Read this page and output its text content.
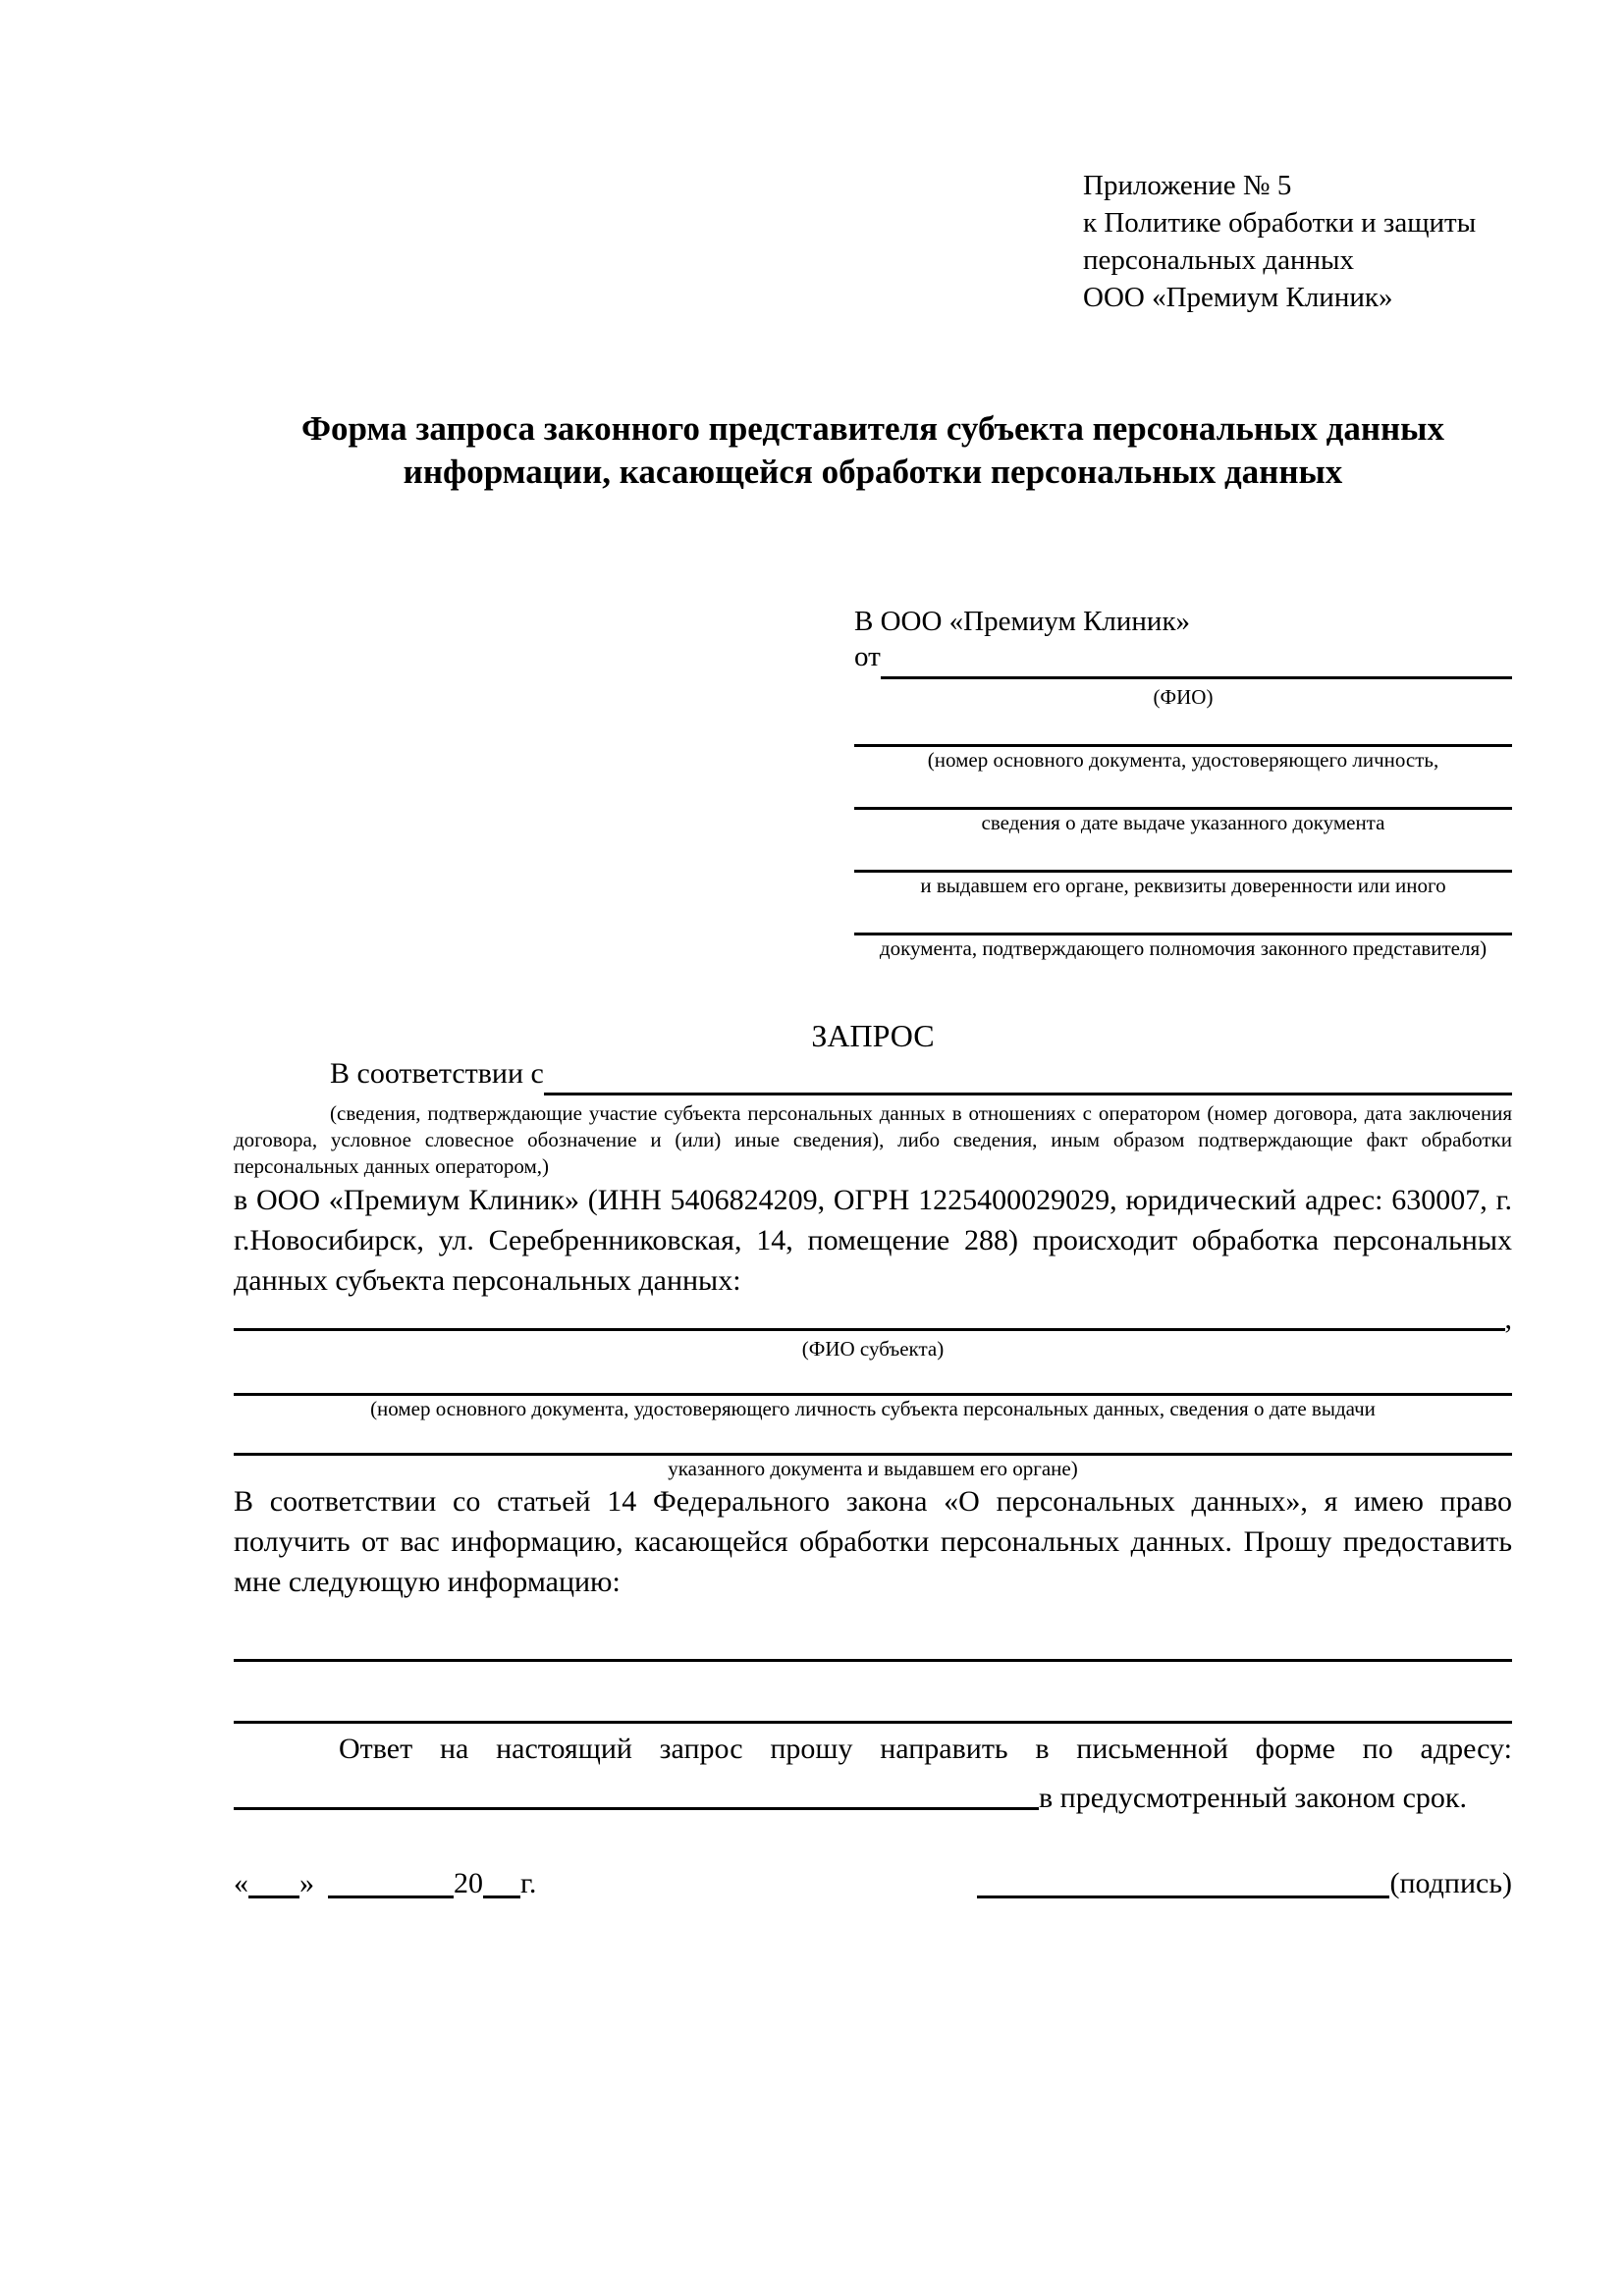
Приложение № 5
к Политике обработки и защиты
персональных данных
ООО «Премиум Клиник»
Форма запроса законного представителя субъекта персональных данных
информации, касающейся обработки персональных данных
В ООО «Премиум Клиник»
от
(ФИО)
(номер основного документа, удостоверяющего личность,
сведения о дате выдаче указанного документа
и выдавшем его органе, реквизиты доверенности или иного
документа, подтверждающего полномочия законного представителя)
ЗАПРОС
В соответствии с
(сведения, подтверждающие участие субъекта персональных данных в отношениях с оператором (номер договора, дата заключения договора, условное словесное обозначение и (или) иные сведения), либо сведения, иным образом подтверждающие факт обработки персональных данных оператором,)

в ООО «Премиум Клиник» (ИНН 5406824209, ОГРН 1225400029029, юридический адрес: 630007, г. г.Новосибирск, ул. Серебренниковская, 14, помещение 288) происходит обработка персональных данных субъекта персональных данных:

,
(ФИО субъекта)
(номер основного документа, удостоверяющего личность субъекта персональных данных, сведения о дате выдачи
указанного документа и выдавшем его органе)

В соответствии со статьей 14 Федерального закона «О персональных данных», я имею право получить от вас информацию, касающейся обработки персональных данных. Прошу предоставить мне следующую информацию:

Ответ на настоящий запрос прошу направить в письменной форме по адресу:
в предусмотренный законом срок.
« »	20 г.	(подпись)
